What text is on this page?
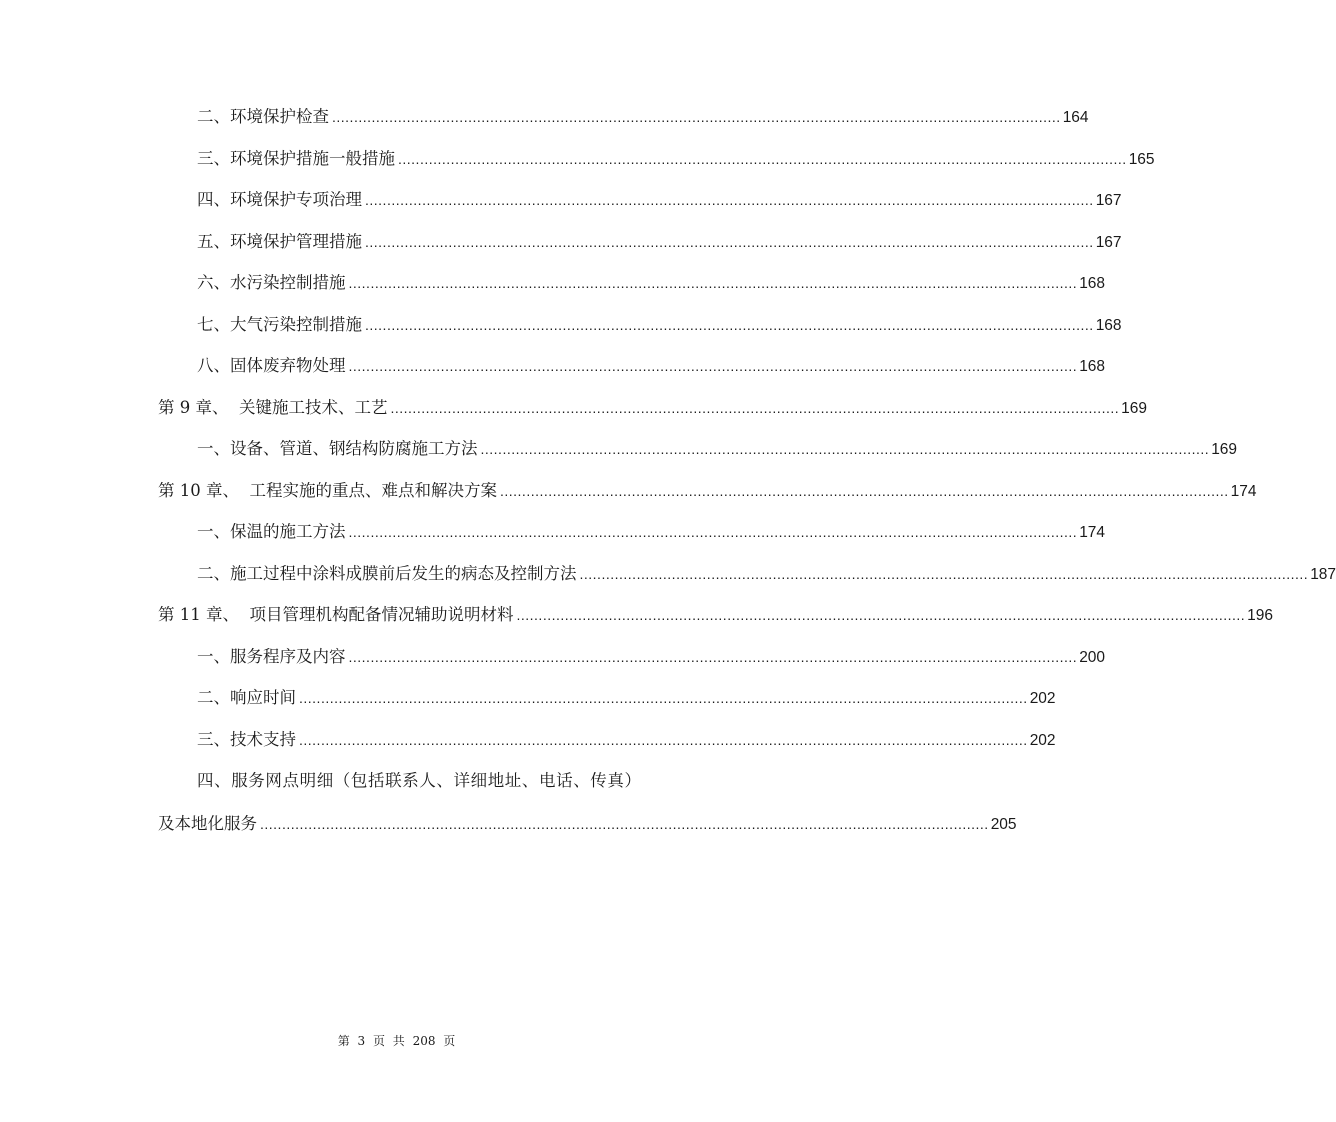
二、环境保护检查 ...................................................................................................................................................................... 164
三、环境保护措施一般措施 ...................................................................................................................................................................... 165
四、环境保护专项治理 ...................................................................................................................................................................... 167
五、环境保护管理措施 ...................................................................................................................................................................... 167
六、水污染控制措施 ...................................................................................................................................................................... 168
七、大气污染控制措施 ...................................................................................................................................................................... 168
八、固体废弃物处理 ...................................................................................................................................................................... 168
第 9 章、  关键施工技术、工艺 ...................................................................................................................................................................... 169
一、设备、管道、钢结构防腐施工方法 ...................................................................................................................................................................... 169
第 10 章、  工程实施的重点、难点和解决方案 ...................................................................................................................................................................... 174
一、保温的施工方法 ...................................................................................................................................................................... 174
二、施工过程中涂料成膜前后发生的病态及控制方法 ...................................................................................................................................................................... 187
第 11 章、  项目管理机构配备情况辅助说明材料 ...................................................................................................................................................................... 196
一、服务程序及内容 ...................................................................................................................................................................... 200
二、响应时间 ...................................................................................................................................................................... 202
三、技术支持 ...................................................................................................................................................................... 202
四、服务网点明细（包括联系人、详细地址、电话、传真）
及本地化服务 ...................................................................................................................................................................... 205
第 3 页 共 208 页
